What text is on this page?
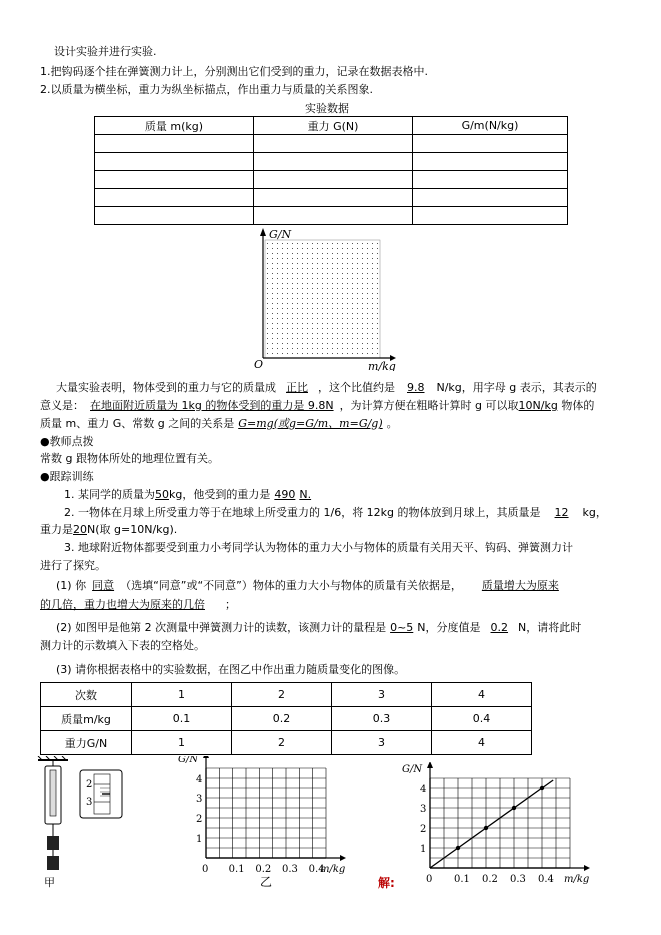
设计实验并进行实验.
1.把钩码逐个挂在弹簧测力计上，分别测出它们受到的重力，记录在数据表格中.
2.以质量为横坐标，重力为纵坐标描点，作出重力与质量的关系图象.
实验数据
质量 m(kg)	重力 G(N)	G/m(N/kg)

G/N
m/kg
O
大量实验表明，物体受到的重力与它的质量成 正比 ，这个比值约是 9.8 N/kg，用字母 g 表示，其表示的
意义是： 在地面附近质量为 1kg 的物体受到的重力是 9.8N ，为计算方便在粗略计算时 g 可以取10N/kg 物体的
质量 m、重力 G、常数 g 之间的关系是 G=mg(或g=G/m、m=G/g) 。
●教师点拨
常数 g 跟物体所处的地理位置有关。
●跟踪训练
1. 某同学的质量为50kg，他受到的重力是 490 N.
2. 一物体在月球上所受重力等于在地球上所受重力的 1/6，将 12kg 的物体放到月球上，其质量是 12 kg，
重力是20N(取 g=10N/kg).
3. 地球附近物体都要受到重力小考同学认为物体的重力大小与物体的质量有关用天平、钩码、弹簧测力计
进行了探究。
(1) 你 同意 （选填“同意”或“不同意”）物体的重力大小与物体的质量有关依据是， 质量增大为原来
的几倍，重力也增大为原来的几倍 ；
(2) 如图甲是他第 2 次测量中弹簧测力计的读数，该测力计的量程是 0~5 N，分度值是 0.2 N，请将此时
测力计的示数填入下表的空格处。
(3) 请你根据表格中的实验数据，在图乙中作出重力随质量变化的图像。
次数	1	2	3	4
质量m/kg	0.1	0.2	0.3	0.4
重力G/N	1	2	3	4
2
3
甲
G/N
m/kg
0 0.1 0.2 0.3 0.4
1
2
3
4
乙
G/N
m/kg
0 0.1 0.2 0.3 0.4
1
2
3
4
解:
